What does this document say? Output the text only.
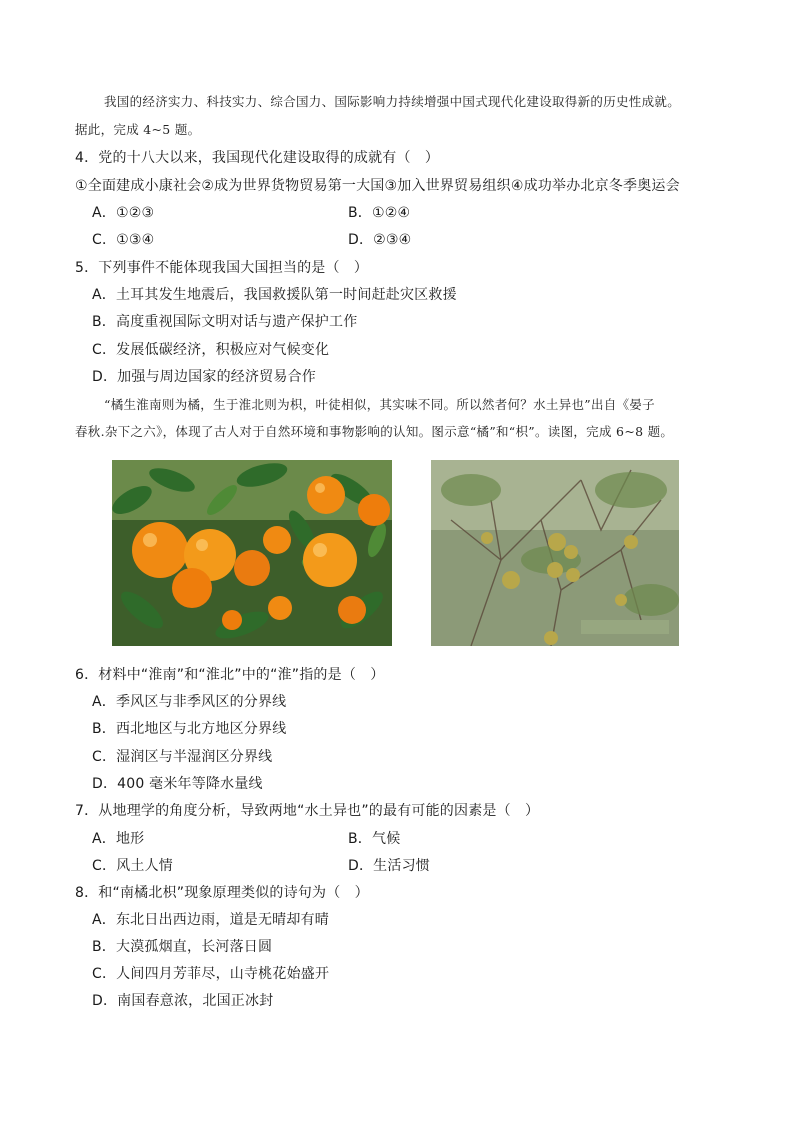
我国的经济实力、科技实力、综合国力、国际影响力持续增强中国式现代化建设取得新的历史性成就。
据此，完成 4~5 题。
4．党的十八大以来，我国现代化建设取得的成就有（　）
①全面建成小康社会②成为世界货物贸易第一大国③加入世界贸易组织④成功举办北京冬季奥运会
A．①②③	B．①②④
C．①③④	D．②③④
5．下列事件不能体现我国大国担当的是（　）
A．土耳其发生地震后，我国救援队第一时间赶赴灾区救援
B．高度重视国际文明对话与遗产保护工作
C．发展低碳经济，积极应对气候变化
D．加强与周边国家的经济贸易合作
“橘生淮南则为橘，生于淮北则为枳，叶徒相似，其实味不同。所以然者何？水土异也”出自《晏子
春秋.杂下之六》，体现了古人对于自然环境和事物影响的认知。图示意“橘”和“枳”。读图，完成 6~8 题。
6．材料中“淮南”和“淮北”中的“淮”指的是（　）
A．季风区与非季风区的分界线
B．西北地区与北方地区分界线
C．湿润区与半湿润区分界线
D．400 毫米年等降水量线
7．从地理学的角度分析，导致两地“水土异也”的最有可能的因素是（　）
A．地形	B．气候
C．风土人情	D．生活习惯
8．和“南橘北枳”现象原理类似的诗句为（　）
A．东北日出西边雨，道是无晴却有晴
B．大漠孤烟直，长河落日圆
C．人间四月芳菲尽，山寺桃花始盛开
D．南国春意浓，北国正冰封
